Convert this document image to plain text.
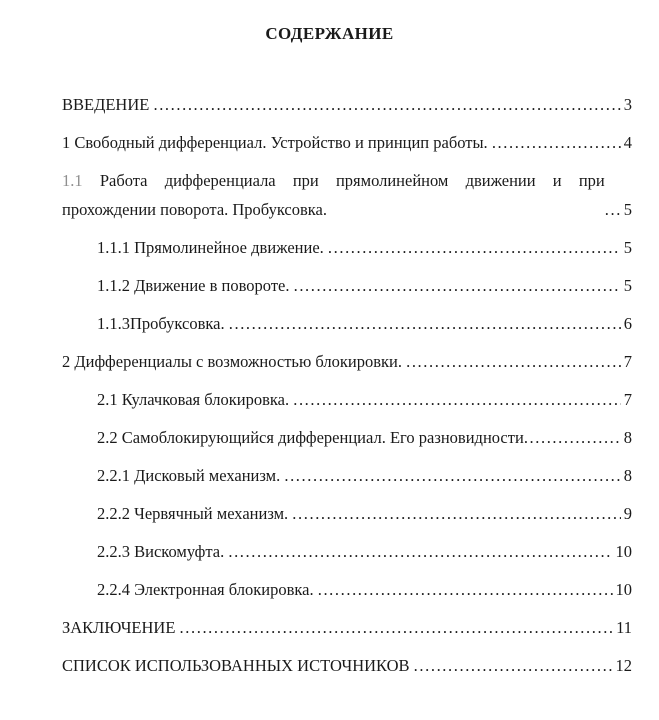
СОДЕРЖАНИЕ
ВВЕДЕНИЕ .....	3
1 Свободный дифференциал. Устройство и принцип работы. .....	4
1.1 Работа дифференциала при прямолинейном движении и при прохождении поворота. Пробуксовка. .....	5
1.1.1 Прямолинейное движение. .....	5
1.1.2 Движение в повороте. .....	5
1.1.3Пробуксовка. .....	6
2 Дифференциалы с возможностью блокировки. .....	7
2.1 Кулачковая блокировка. .....	7
2.2 Самоблокирующийся дифференциал. Его разновидности .....	8
2.2.1 Дисковый механизм. .....	8
2.2.2 Червячный механизм. .....	9
2.2.3 Вискомуфта. .....	10
2.2.4 Электронная блокировка. .....	10
ЗАКЛЮЧЕНИЕ .....	11
СПИСОК ИСПОЛЬЗОВАННЫХ ИСТОЧНИКОВ .....	12
